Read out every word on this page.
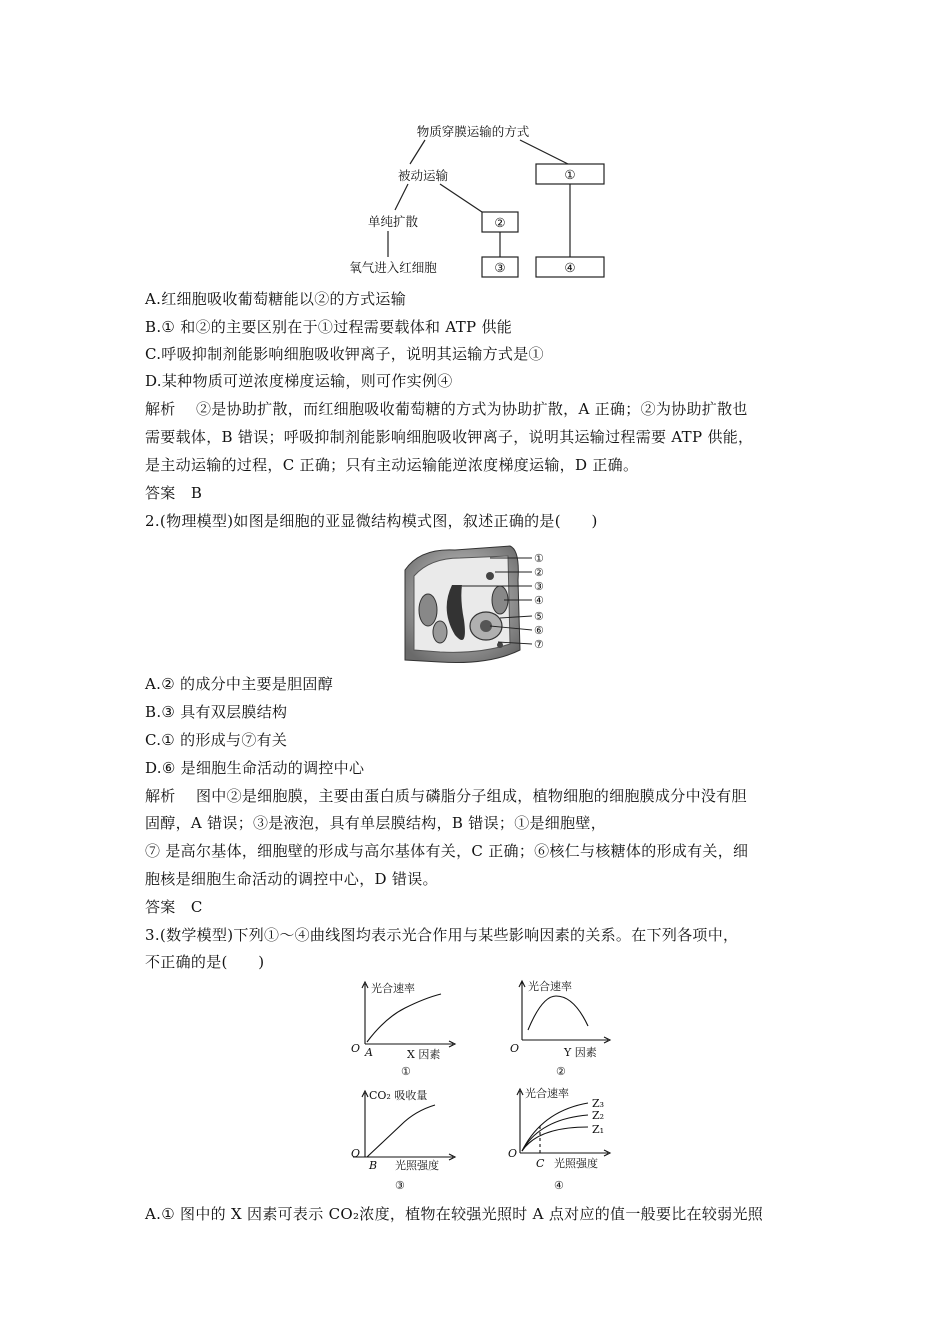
物质穿膜运输的方式
被动运输	①
单纯扩散	②
氧气进入红细胞	③	④
A.红细胞吸收葡萄糖能以②的方式运输
B.① 和②的主要区别在于①过程需要载体和 ATP 供能
C.呼吸抑制剂能影响细胞吸收钾离子，说明其运输方式是①
D.某种物质可逆浓度梯度运输，则可作实例④
解析　 ②是协助扩散，而红细胞吸收葡萄糖的方式为协助扩散，A 正确；②为协助扩散也
需要载体，B 错误；呼吸抑制剂能影响细胞吸收钾离子，说明其运输过程需要 ATP 供能，
是主动运输的过程，C 正确；只有主动运输能逆浓度梯度运输，D 正确。
答案　B
2.(物理模型)如图是细胞的亚显微结构模式图，叙述正确的是(　　)
①
②
③
④
⑤
⑥
⑦
A.② 的成分中主要是胆固醇
B.③ 具有双层膜结构
C.① 的形成与⑦有关
D.⑥ 是细胞生命活动的调控中心
解析　 图中②是细胞膜，主要由蛋白质与磷脂分子组成，植物细胞的细胞膜成分中没有胆
固醇，A 错误；③是液泡，具有单层膜结构，B 错误；①是细胞壁，
⑦ 是高尔基体，细胞壁的形成与高尔基体有关，C 正确；⑥核仁与核糖体的形成有关，细
胞核是细胞生命活动的调控中心，D 错误。
答案　C
3.(数学模型)下列①～④曲线图均表示光合作用与某些影响因素的关系。在下列各项中，
不正确的是(　　)
光合速率
O A	X 因素
①
光合速率
O	Y 因素
②
CO₂ 吸收量
O
B 光照强度
③
光合速率
O
C 光照强度
Z₃
Z₂
Z₁
④
A.① 图中的 X 因素可表示 CO₂浓度，植物在较强光照时 A 点对应的值一般要比在较弱光照
